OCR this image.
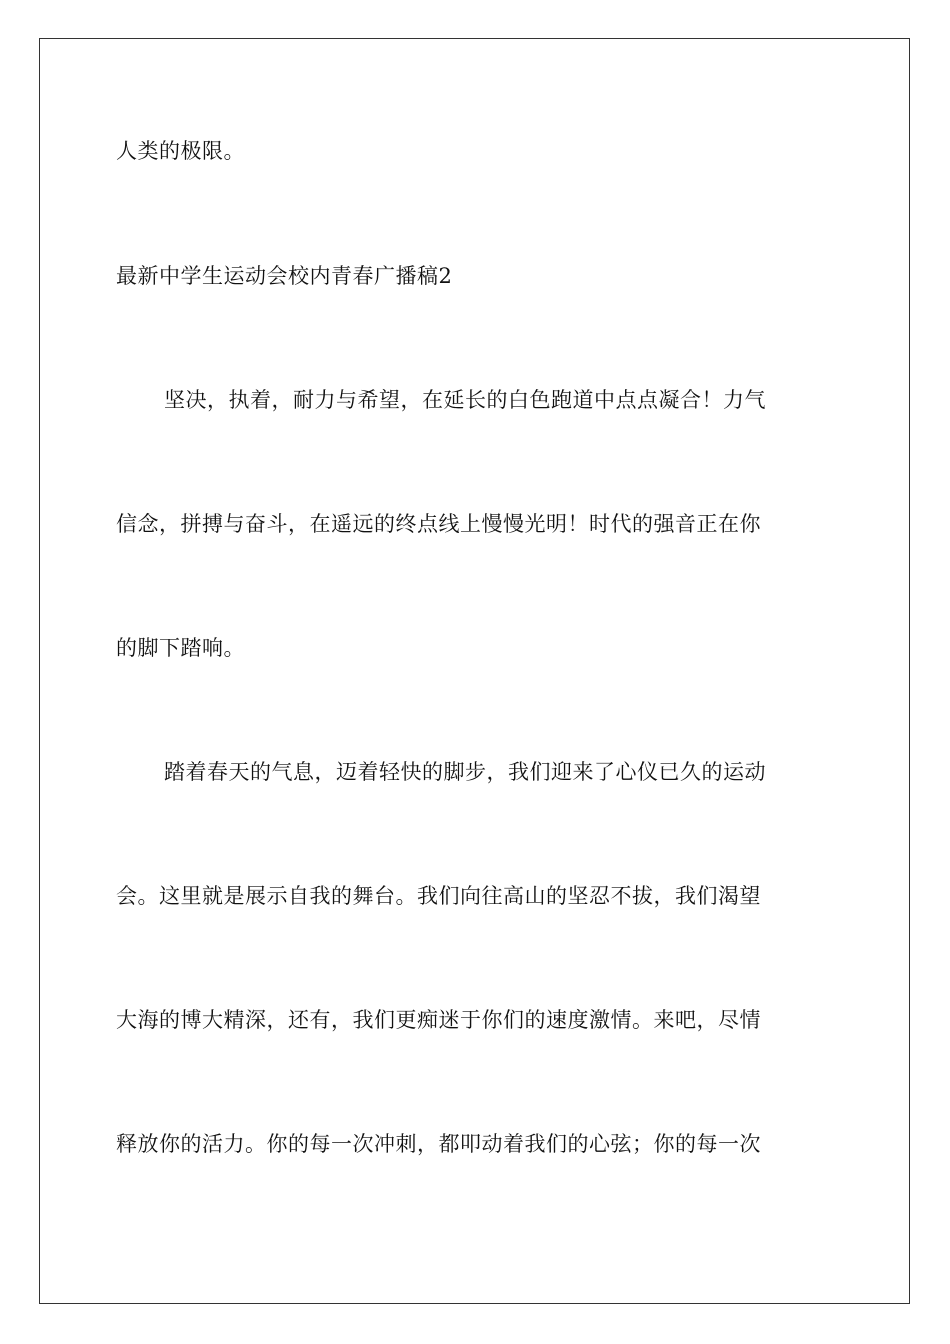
人类的极限。
最新中学生运动会校内青春广播稿2
坚决，执着，耐力与希望，在延长的白色跑道中点点凝合！力气
信念，拼搏与奋斗，在遥远的终点线上慢慢光明！时代的强音正在你
的脚下踏响。
踏着春天的气息，迈着轻快的脚步，我们迎来了心仪已久的运动
会。这里就是展示自我的舞台。我们向往高山的坚忍不拔，我们渴望
大海的博大精深，还有，我们更痴迷于你们的速度激情。来吧，尽情
释放你的活力。你的每一次冲刺，都叩动着我们的心弦；你的每一次
